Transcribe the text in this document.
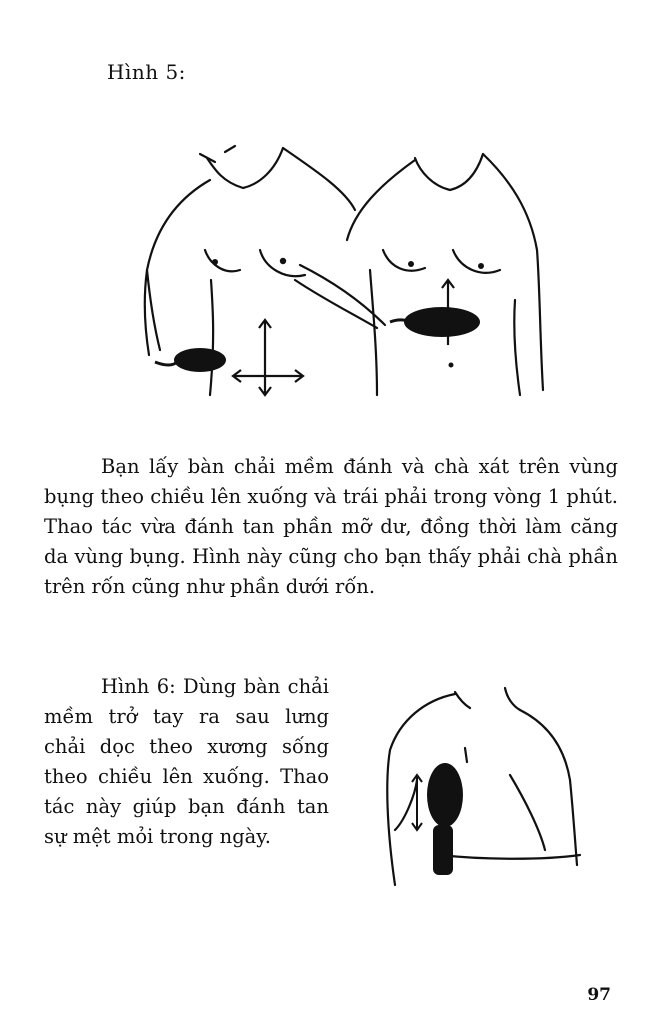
Hình 5:
Bạn lấy bàn chải mềm đánh và chà xát trên vùng bụng theo chiều lên xuống và trái phải trong vòng 1 phút. Thao tác vừa đánh tan phần mỡ dư, đồng thời làm căng da vùng bụng. Hình này cũng cho bạn thấy phải chà phần trên rốn cũng như phần dưới rốn.
Hình 6: Dùng bàn chải mềm trở tay ra sau lưng chải dọc theo xương sống theo chiều lên xuống. Thao tác này giúp bạn đánh tan sự mệt mỏi trong ngày.
97
